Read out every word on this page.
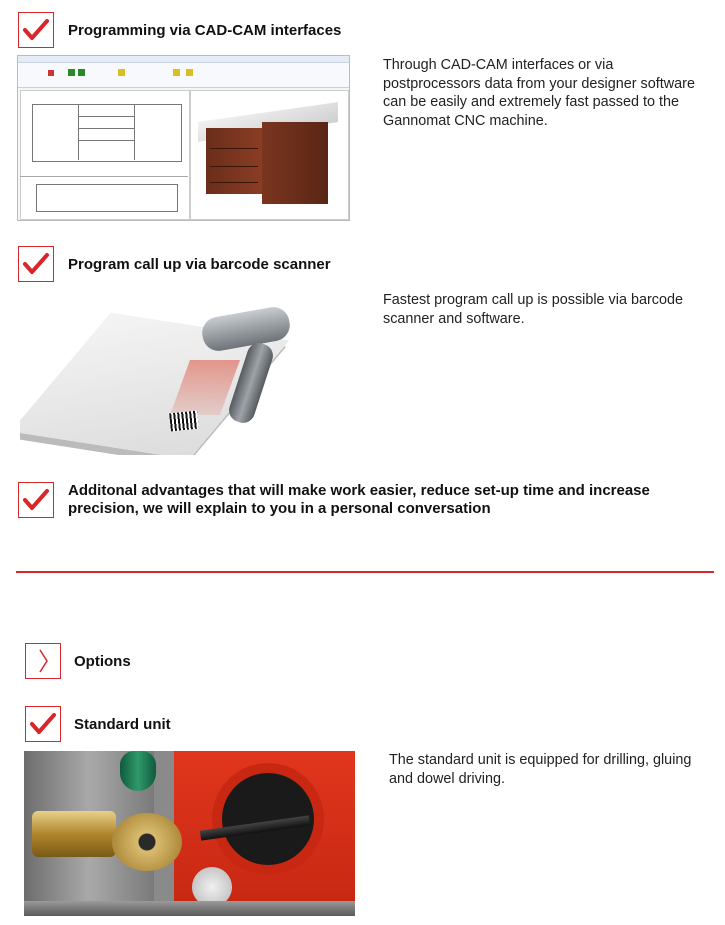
Programming via CAD-CAM interfaces
Through CAD-CAM interfaces or via postprocessors data from your designer software can be easily and extremely fast passed to the Gannomat CNC machine.
Program call up via barcode scanner
Fastest program call up is possible via barcode scanner and software.
Additonal advantages that will make work easier, reduce set-up time and increase precision, we will explain to you in a personal conversation
Options
Standard unit
The standard unit is equipped for drilling, gluing and dowel driving.
